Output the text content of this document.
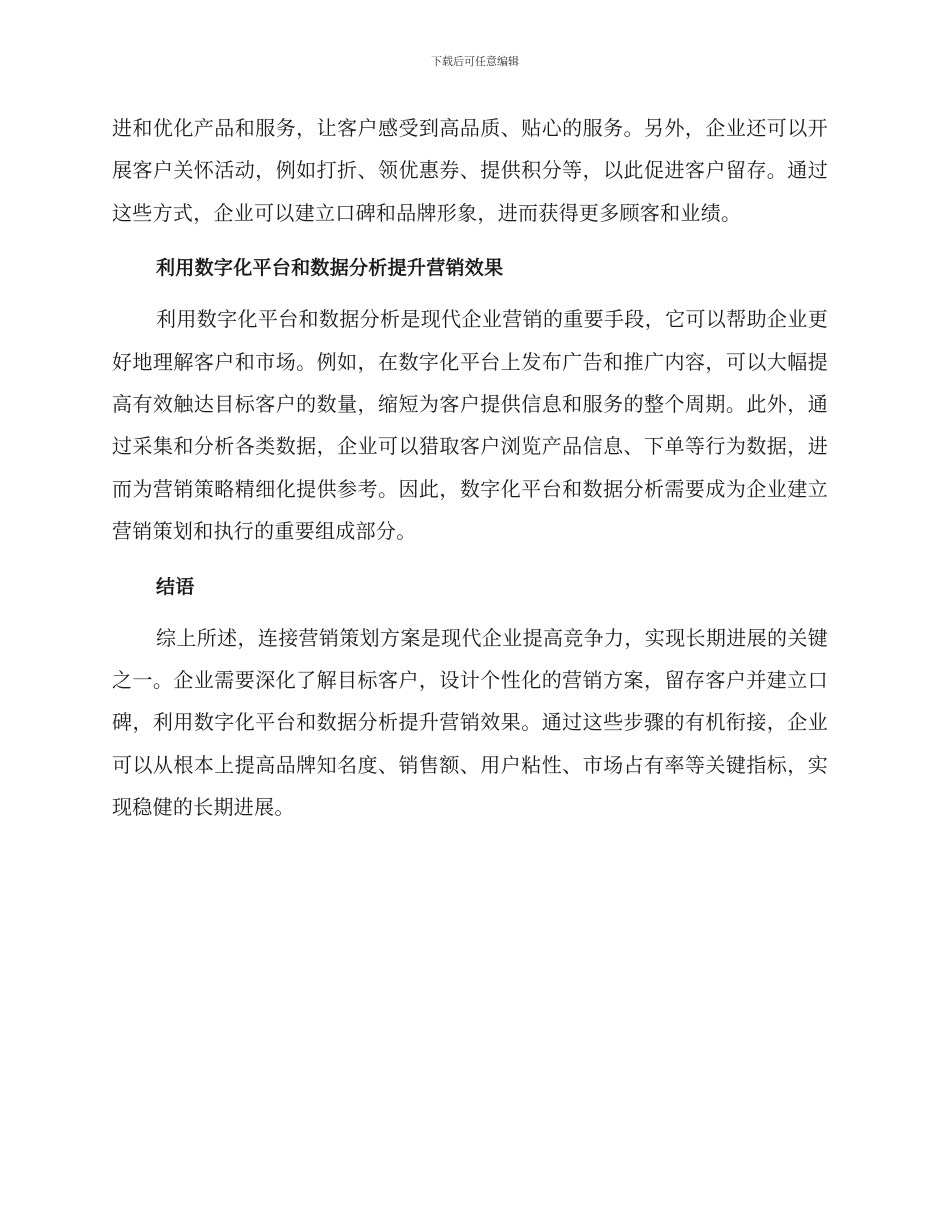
下载后可任意编辑

进和优化产品和服务，让客户感受到高品质、贴心的服务。另外，企业还可以开展客户关怀活动，例如打折、领优惠券、提供积分等，以此促进客户留存。通过这些方式，企业可以建立口碑和品牌形象，进而获得更多顾客和业绩。

利用数字化平台和数据分析提升营销效果

利用数字化平台和数据分析是现代企业营销的重要手段，它可以帮助企业更好地理解客户和市场。例如，在数字化平台上发布广告和推广内容，可以大幅提高有效触达目标客户的数量，缩短为客户提供信息和服务的整个周期。此外，通过采集和分析各类数据，企业可以猎取客户浏览产品信息、下单等行为数据，进而为营销策略精细化提供参考。因此，数字化平台和数据分析需要成为企业建立营销策划和执行的重要组成部分。

结语

综上所述，连接营销策划方案是现代企业提高竞争力，实现长期进展的关键之一。企业需要深化了解目标客户，设计个性化的营销方案，留存客户并建立口碑，利用数字化平台和数据分析提升营销效果。通过这些步骤的有机衔接，企业可以从根本上提高品牌知名度、销售额、用户粘性、市场占有率等关键指标，实现稳健的长期进展。
